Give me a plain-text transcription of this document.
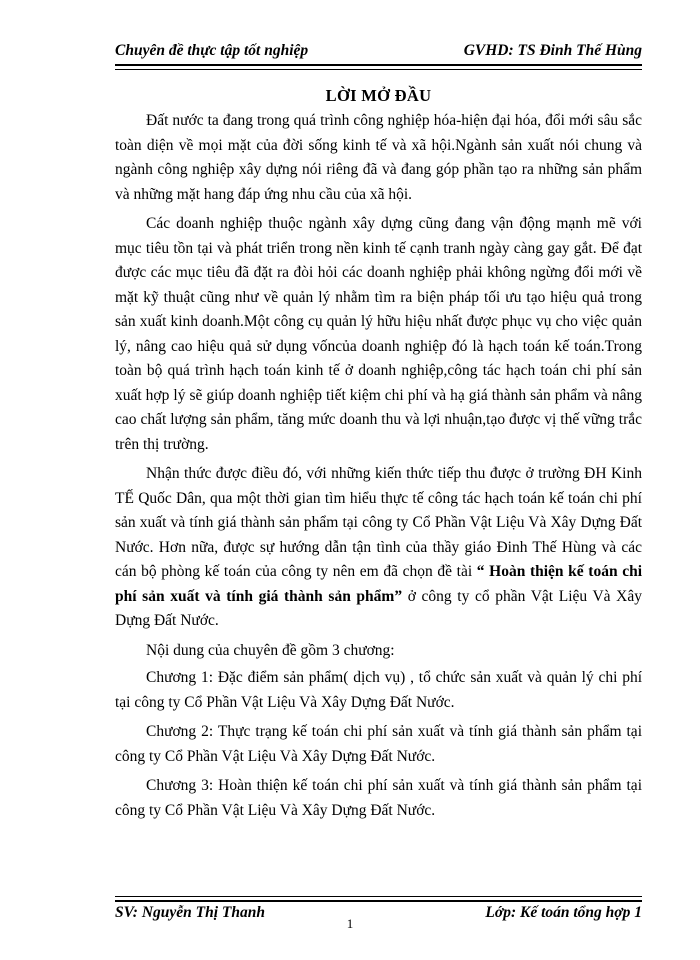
Chuyên đề thực tập tốt nghiệp	GVHD: TS Đinh Thế Hùng
LỜI MỞ ĐẦU

Đất nước ta đang trong quá trình công nghiệp hóa-hiện đại hóa, đổi mới sâu sắc toàn diện về mọi mặt của đời sống kinh tế và xã hội.Ngành sản xuất nói chung và ngành công nghiệp xây dựng nói riêng đã và đang góp phần tạo ra những sản phẩm và những mặt hang đáp ứng nhu cầu của xã hội.

Các doanh nghiệp thuộc ngành xây dựng cũng đang vận động mạnh mẽ với mục tiêu tồn tại và phát triển trong nền kinh tế cạnh tranh ngày càng gay gắt. Để đạt được các mục tiêu đã đặt ra đòi hỏi các doanh nghiệp phải không ngừng đổi mới về mặt kỹ thuật cũng như về quản lý nhằm tìm ra biện pháp tối ưu tạo hiệu quả trong sản xuất kinh doanh.Một công cụ quản lý hữu hiệu nhất được phục vụ cho việc quản lý, nâng cao hiệu quả sử dụng vốncủa doanh nghiệp đó là hạch toán kế toán.Trong toàn bộ quá trình hạch toán kinh tế ở doanh nghiệp,công tác hạch toán chi phí sản xuất hợp lý sẽ giúp doanh nghiệp tiết kiệm chi phí và hạ giá thành sản phẩm và nâng cao chất lượng sản phẩm, tăng mức doanh thu và lợi nhuận,tạo được vị thế vững trắc trên thị trường.

Nhận thức được điều đó, với những kiến thức tiếp thu được ở trường ĐH Kinh TẾ Quốc Dân, qua một thời gian tìm hiểu thực tế công tác hạch toán kế toán chi phí sản xuất và tính giá thành sản phẩm tại công ty Cổ Phần Vật Liệu Và Xây Dựng Đất Nước. Hơn nữa, được sự hướng dẫn tận tình của thầy giáo Đinh Thế Hùng và các cán bộ phòng kế toán của công ty nên em đã chọn đề tài “ Hoàn thiện kế toán chi phí sản xuất và tính giá thành sản phẩm” ở công ty cổ phần Vật Liệu Và Xây Dựng Đất Nước.

Nội dung của chuyên đề gồm 3 chương:

Chương 1: Đặc điểm sản phẩm( dịch vụ) , tổ chức sản xuất và quản lý chi phí tại công ty Cổ Phần Vật Liệu Và Xây Dựng Đất Nước.

Chương 2: Thực trạng kế toán chi phí sản xuất và tính giá thành sản phẩm tại công ty Cổ Phần Vật Liệu Và Xây Dựng Đất Nước.

Chương 3: Hoàn thiện kế toán chi phí sản xuất và tính giá thành sản phẩm tại công ty Cổ Phần Vật Liệu Và Xây Dựng Đất Nước.

SV: Nguyễn Thị Thanh	Lớp: Kế toán tổng hợp 1
1
